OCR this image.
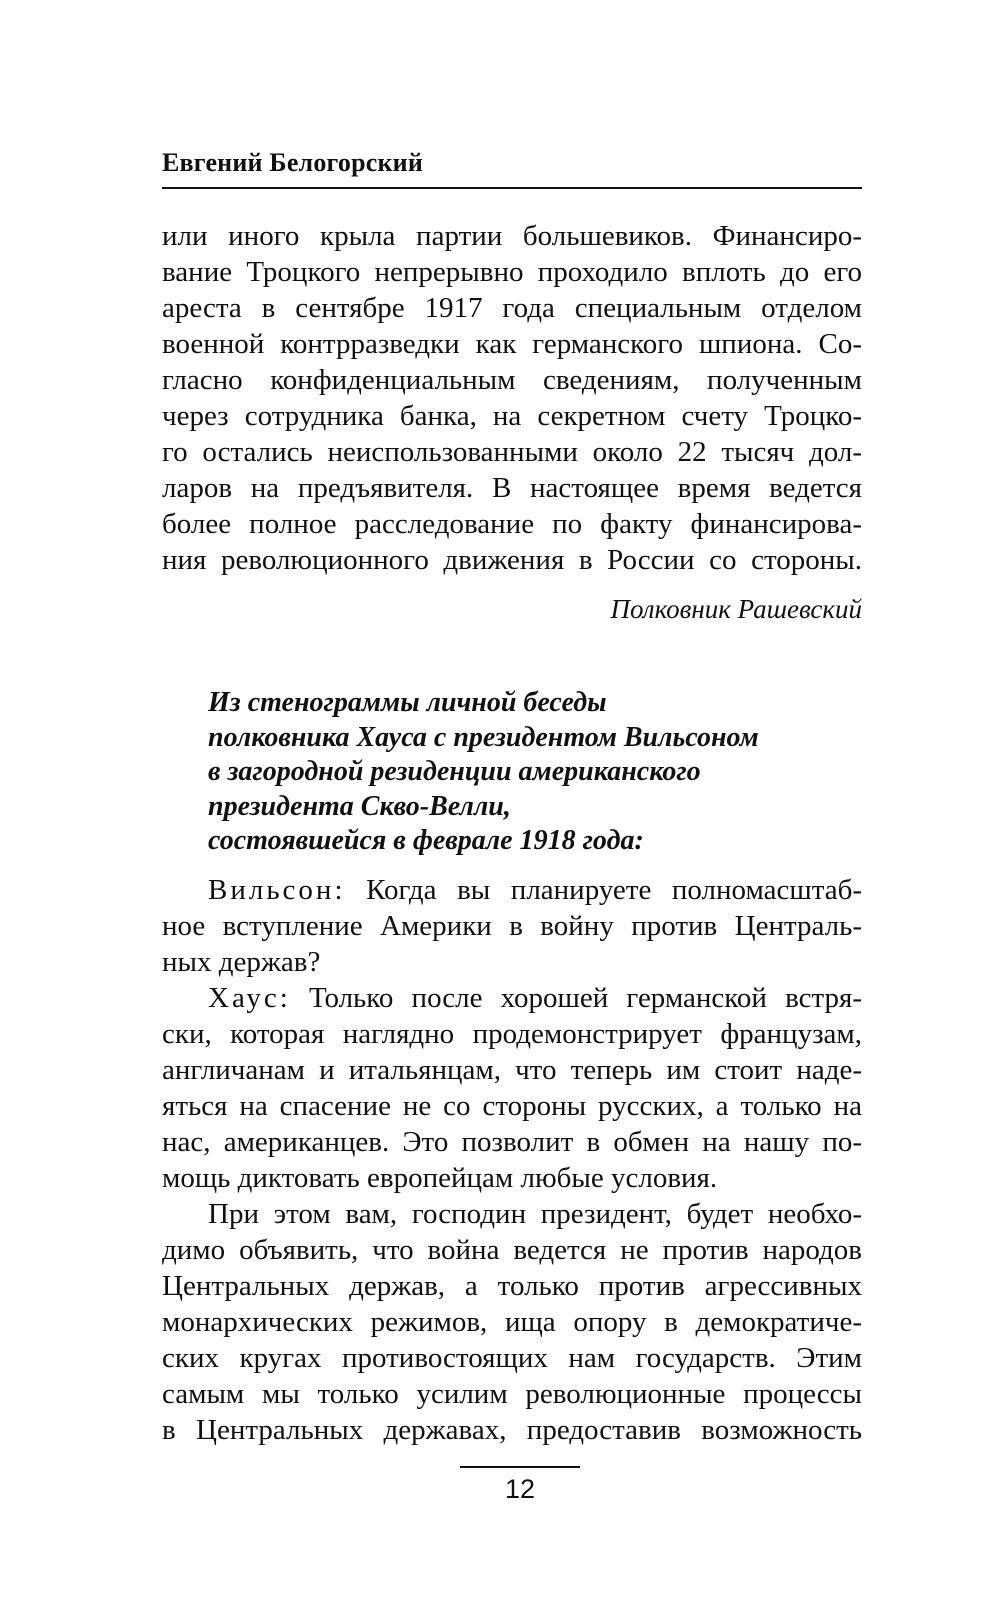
Евгений Белогорский
или иного крыла партии большевиков. Финансиро-
вание Троцкого непрерывно проходило вплоть до его
ареста в сентябре 1917 года специальным отделом
военной контрразведки как германского шпиона. Со-
гласно конфиденциальным сведениям, полученным
через сотрудника банка, на секретном счету Троцко-
го остались неиспользованными около 22 тысяч дол-
ларов на предъявителя. В настоящее время ведется
более полное расследование по факту финансирова-
ния революционного движения в России со стороны.
Полковник Рашевский
Из стенограммы личной беседы
полковника Хауса с президентом Вильсоном
в загородной резиденции американского
президента Скво-Велли,
состоявшейся в феврале 1918 года:
Вильсон: Когда вы планируете полномасштаб-
ное вступление Америки в войну против Централь-
ных держав?
Хаус: Только после хорошей германской встря-
ски, которая наглядно продемонстрирует французам,
англичанам и итальянцам, что теперь им стоит наде-
яться на спасение не со стороны русских, а только на
нас, американцев. Это позволит в обмен на нашу по-
мощь диктовать европейцам любые условия.
При этом вам, господин президент, будет необхо-
димо объявить, что война ведется не против народов
Центральных держав, а только против агрессивных
монархических режимов, ища опору в демократиче-
ских кругах противостоящих нам государств. Этим
самым мы только усилим революционные процессы
в Центральных державах, предоставив возможность
12
